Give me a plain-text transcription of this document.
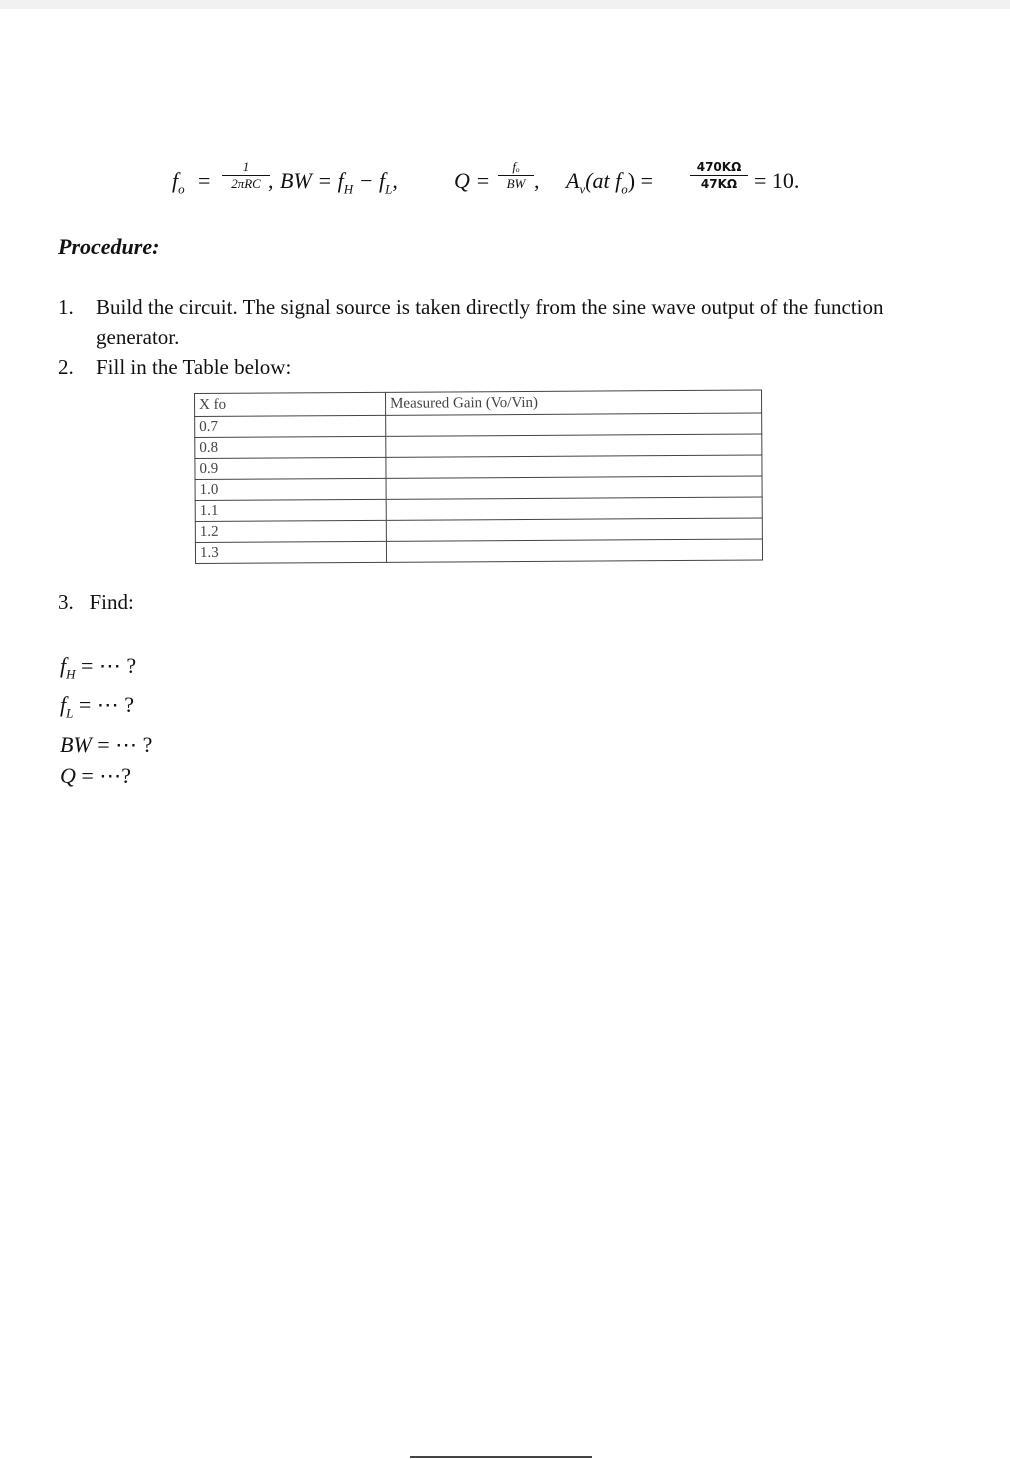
$f_o$ =
1
2πRC , BW = $f_H - f_L$,	Q =
fₒ
BW , $A_v(at$ $f_o$) =
470KΩ
47KΩ = 10.
Procedure:
1. Build the circuit. The signal source is taken directly from the sine wave output of the function generator.
2. Fill in the Table below:
X fo	Measured Gain (Vo/Vin)
0.7	
0.8	
0.9	
1.0	
1.1	
1.2	
1.3	
3. Find:
$f_H$ = ⋯ ?
$f_L$ = ⋯ ?
BW = ⋯ ?
Q = ⋯?
